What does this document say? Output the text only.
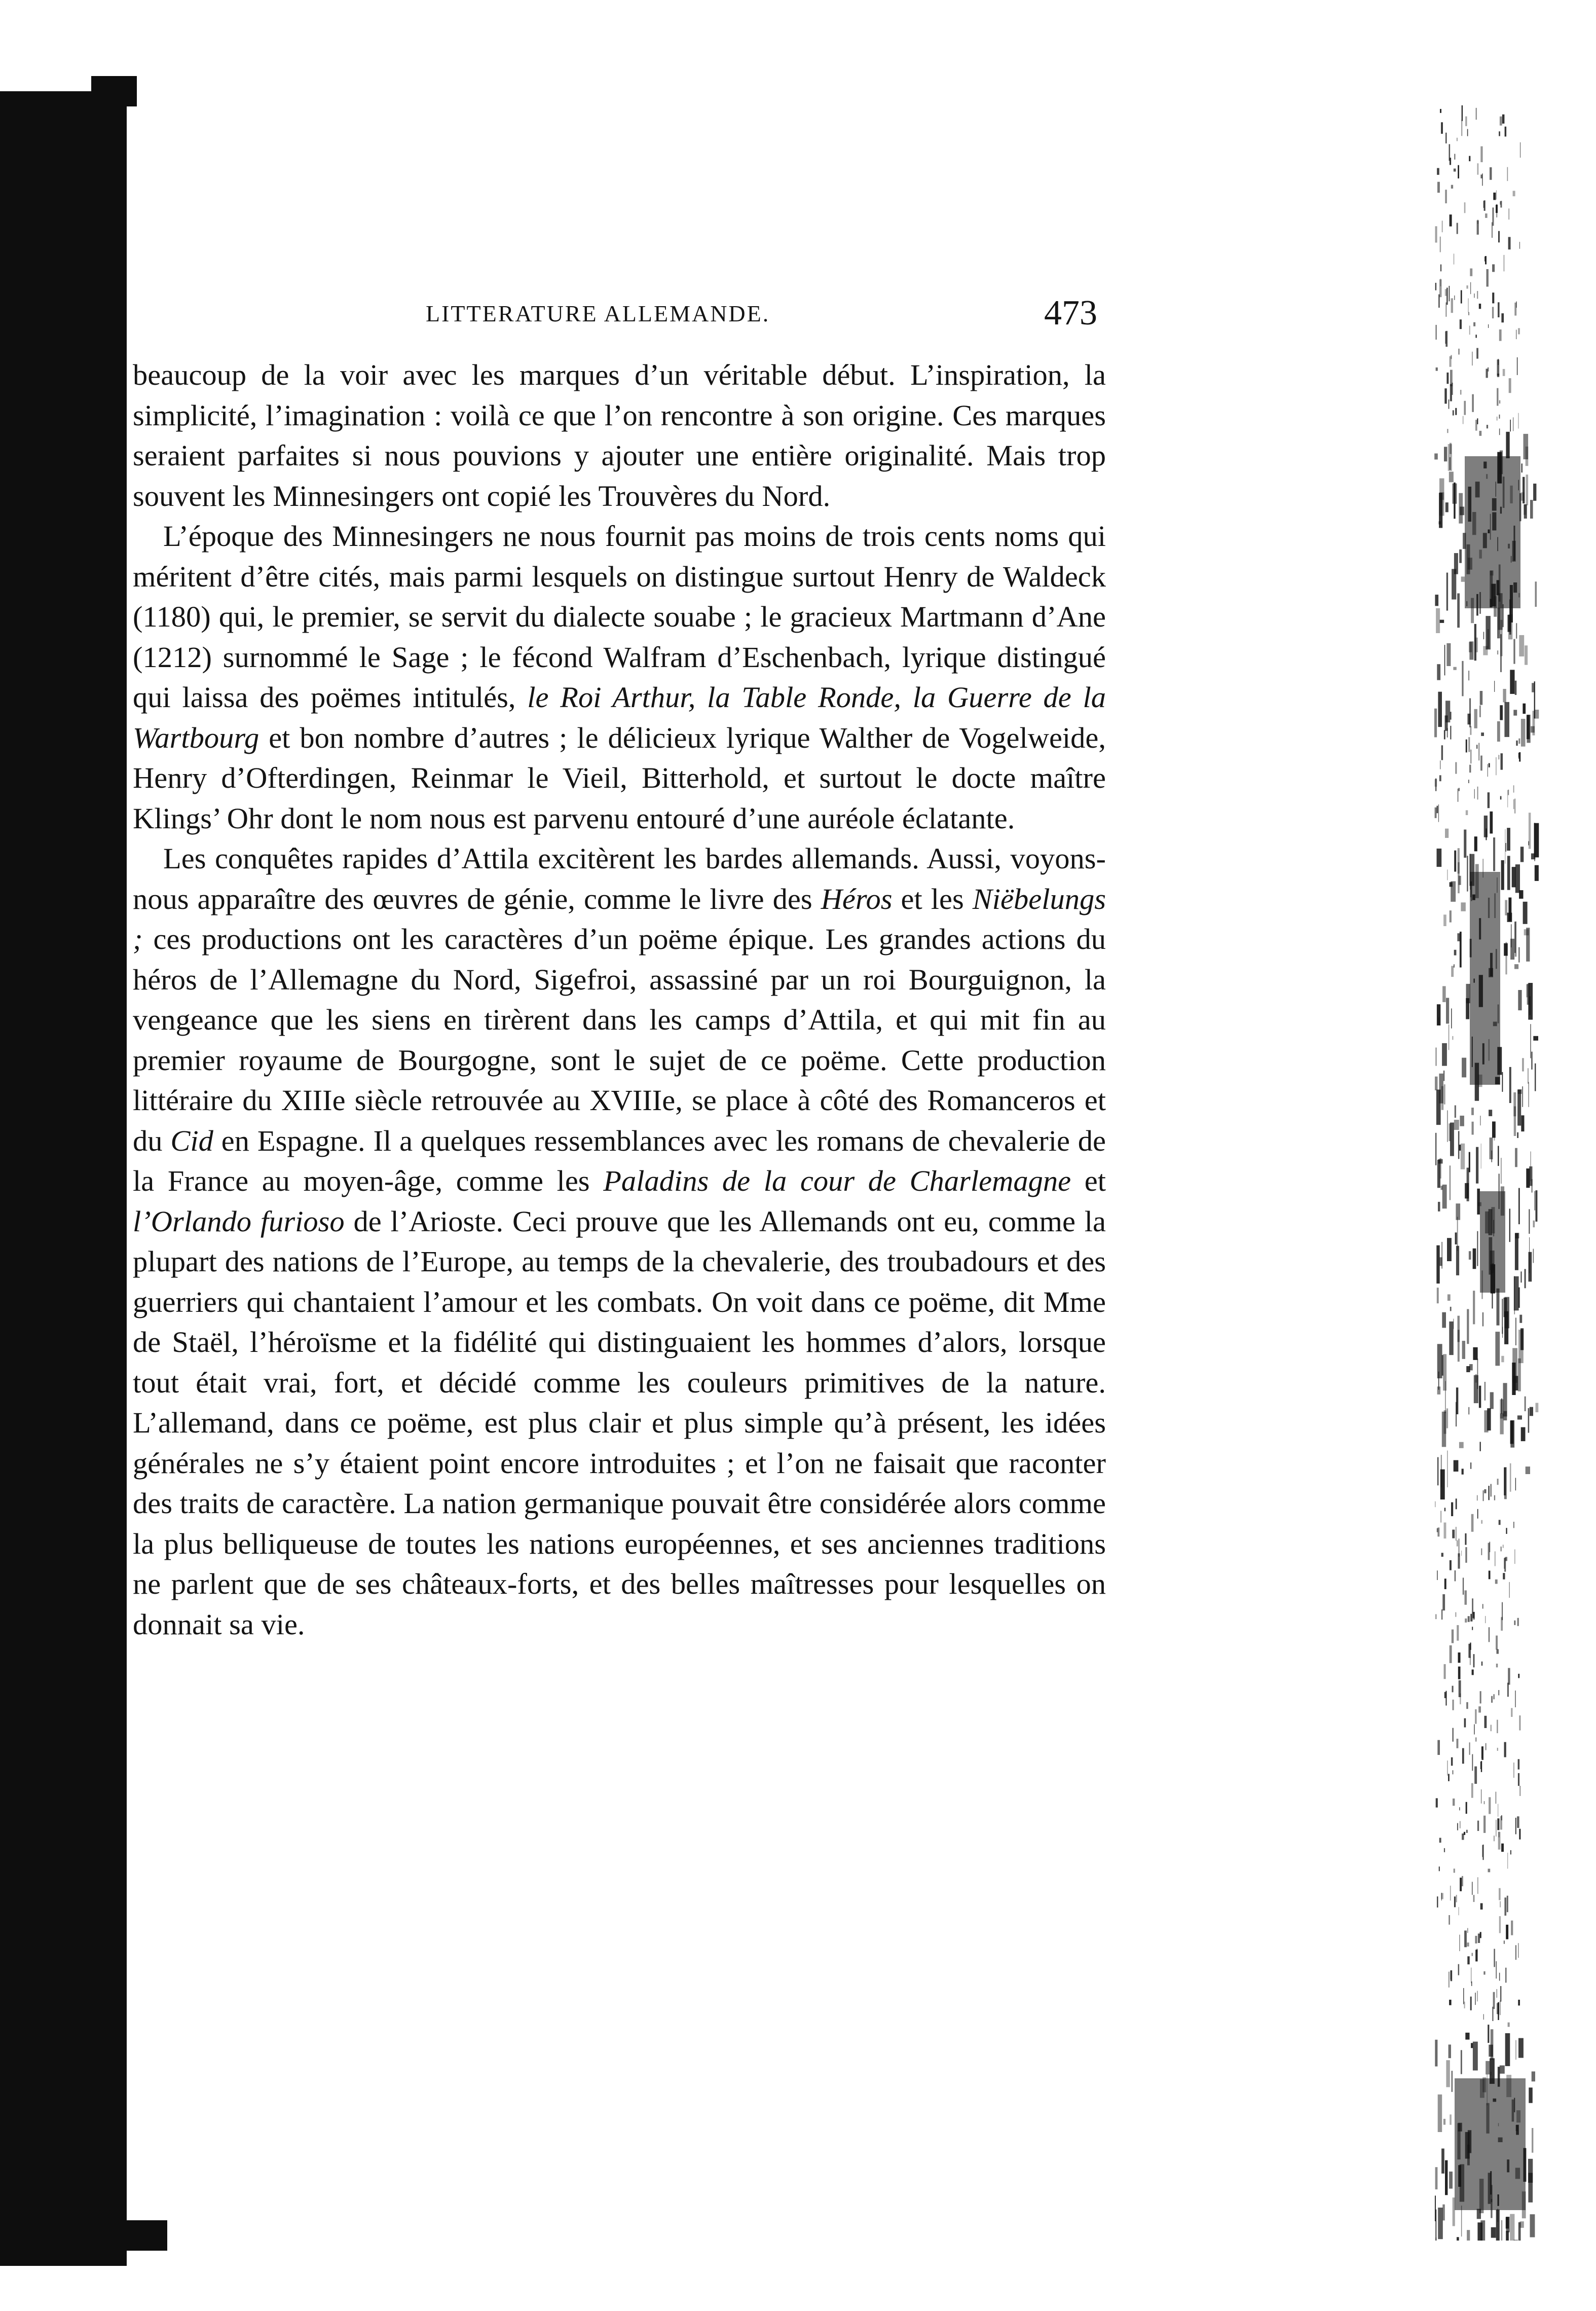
LITTERATURE ALLEMANDE.	473

beaucoup de la voir avec les marques d’un véritable début. L’inspiration, la simplicité, l’imagination : voilà ce que l’on rencontre à son origine. Ces marques seraient parfaites si nous pouvions y ajouter une entière originalité. Mais trop souvent les Minnesingers ont copié les Trouvères du Nord.

L’époque des Minnesingers ne nous fournit pas moins de trois cents noms qui méritent d’être cités, mais parmi lesquels on distingue surtout Henry de Waldeck (1180) qui, le premier, se servit du dialecte souabe ; le gracieux Martmann d’Ane (1212) surnommé le Sage ; le fécond Walfram d’Eschenbach, lyrique distingué qui laissa des poëmes intitulés, le Roi Arthur, la Table Ronde, la Guerre de la Wartbourg et bon nombre d’autres ; le délicieux lyrique Walther de Vogelweide, Henry d’Ofterdingen, Reinmar le Vieil, Bitterhold, et surtout le docte maître Klings’ Ohr dont le nom nous est parvenu entouré d’une auréole éclatante.

Les conquêtes rapides d’Attila excitèrent les bardes allemands. Aussi, voyons-nous apparaître des œuvres de génie, comme le livre des Héros et les Niëbelungs ; ces productions ont les caractères d’un poëme épique. Les grandes actions du héros de l’Allemagne du Nord, Sigefroi, assassiné par un roi Bourguignon, la vengeance que les siens en tirèrent dans les camps d’Attila, et qui mit fin au premier royaume de Bourgogne, sont le sujet de ce poëme. Cette production littéraire du XIIIe siècle retrouvée au XVIIIe, se place à côté des Romanceros et du Cid en Espagne. Il a quelques ressemblances avec les romans de chevalerie de la France au moyen-âge, comme les Paladins de la cour de Charlemagne et l’Orlando furioso de l’Arioste. Ceci prouve que les Allemands ont eu, comme la plupart des nations de l’Europe, au temps de la chevalerie, des troubadours et des guerriers qui chantaient l’amour et les combats. On voit dans ce poëme, dit Mme de Staël, l’héroïsme et la fidélité qui distinguaient les hommes d’alors, lorsque tout était vrai, fort, et décidé comme les couleurs primitives de la nature. L’allemand, dans ce poëme, est plus clair et plus simple qu’à présent, les idées générales ne s’y étaient point encore introduites ; et l’on ne faisait que raconter des traits de caractère. La nation germanique pouvait être considérée alors comme la plus belliqueuse de toutes les nations européennes, et ses anciennes traditions ne parlent que de ses châteaux-forts, et des belles maîtresses pour lesquelles on donnait sa vie.
